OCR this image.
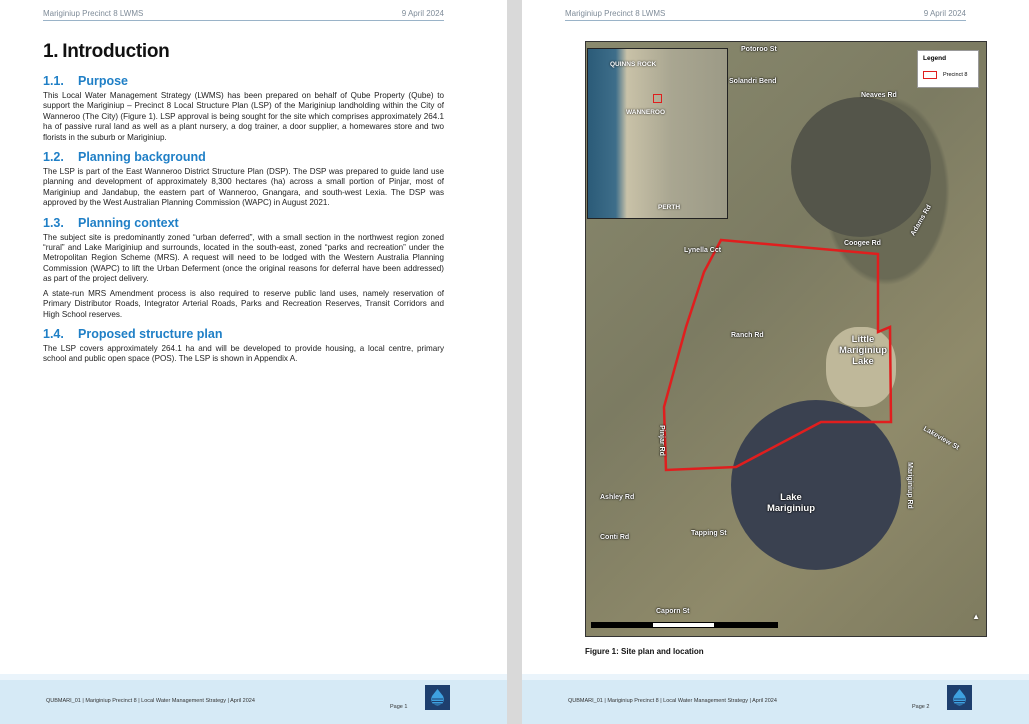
Mariginiup Precinct 8 LWMS	9 April 2024
1. Introduction
1.1. Purpose

This Local Water Management Strategy (LWMS) has been prepared on behalf of Qube Property (Qube) to support the Mariginiup – Precinct 8 Local Structure Plan (LSP) of the Mariginiup landholding within the City of Wanneroo (The City) (Figure 1). LSP approval is being sought for the site which comprises approximately 264.1 ha of passive rural land as well as a plant nursery, a dog trainer, a door supplier, a homewares store and two florists in the suburb or Mariginiup.

1.2. Planning background

The LSP is part of the East Wanneroo District Structure Plan (DSP). The DSP was prepared to guide land use planning and development of approximately 8,300 hectares (ha) across a small portion of Pinjar, most of Mariginiup and Jandabup, the eastern part of Wanneroo, Gnangara, and south-west Lexia. The DSP was approved by the West Australian Planning Commission (WAPC) in August 2021.

1.3. Planning context

The subject site is predominantly zoned “urban deferred”, with a small section in the northwest region zoned “rural” and Lake Mariginiup and surrounds, located in the south-east, zoned “parks and recreation” under the Metropolitan Region Scheme (MRS). A request will need to be lodged with the Western Australia Planning Commission (WAPC) to lift the Urban Deferment (once the original reasons for deferral have been addressed) as part of the project delivery.

A state-run MRS Amendment process is also required to reserve public land uses, namely reservation of Primary Distributor Roads, Integrator Arterial Roads, Parks and Recreation Reserves, Transit Corridors and High School reserves.

1.4. Proposed structure plan

The LSP covers approximately 264.1 ha and will be developed to provide housing, a local centre, primary school and public open space (POS). The LSP is shown in Appendix A.

QUBMARI_01 | Mariginiup Precinct 8 | Local Water Management Strategy | April 2024
Page 1
Mariginiup Precinct 8 LWMS	9 April 2024
QUINNS ROCK
WANNEROO
PERTH
Legend
Precinct 8
Potoroo St
Solandri Bend
Neaves Rd
Coogee Rd
Lynella Cct
Ranch Rd
Pinjar Rd
Adams Rd
Lakeview St
Ashley Rd
Conti Rd
Tapping St
Caporn St
Mariginiup Rd
Little Mariginiup Lake
Lake Mariginiup
▲
Figure 1: Site plan and location
QUBMARI_01 | Mariginiup Precinct 8 | Local Water Management Strategy | April 2024
Page 2
